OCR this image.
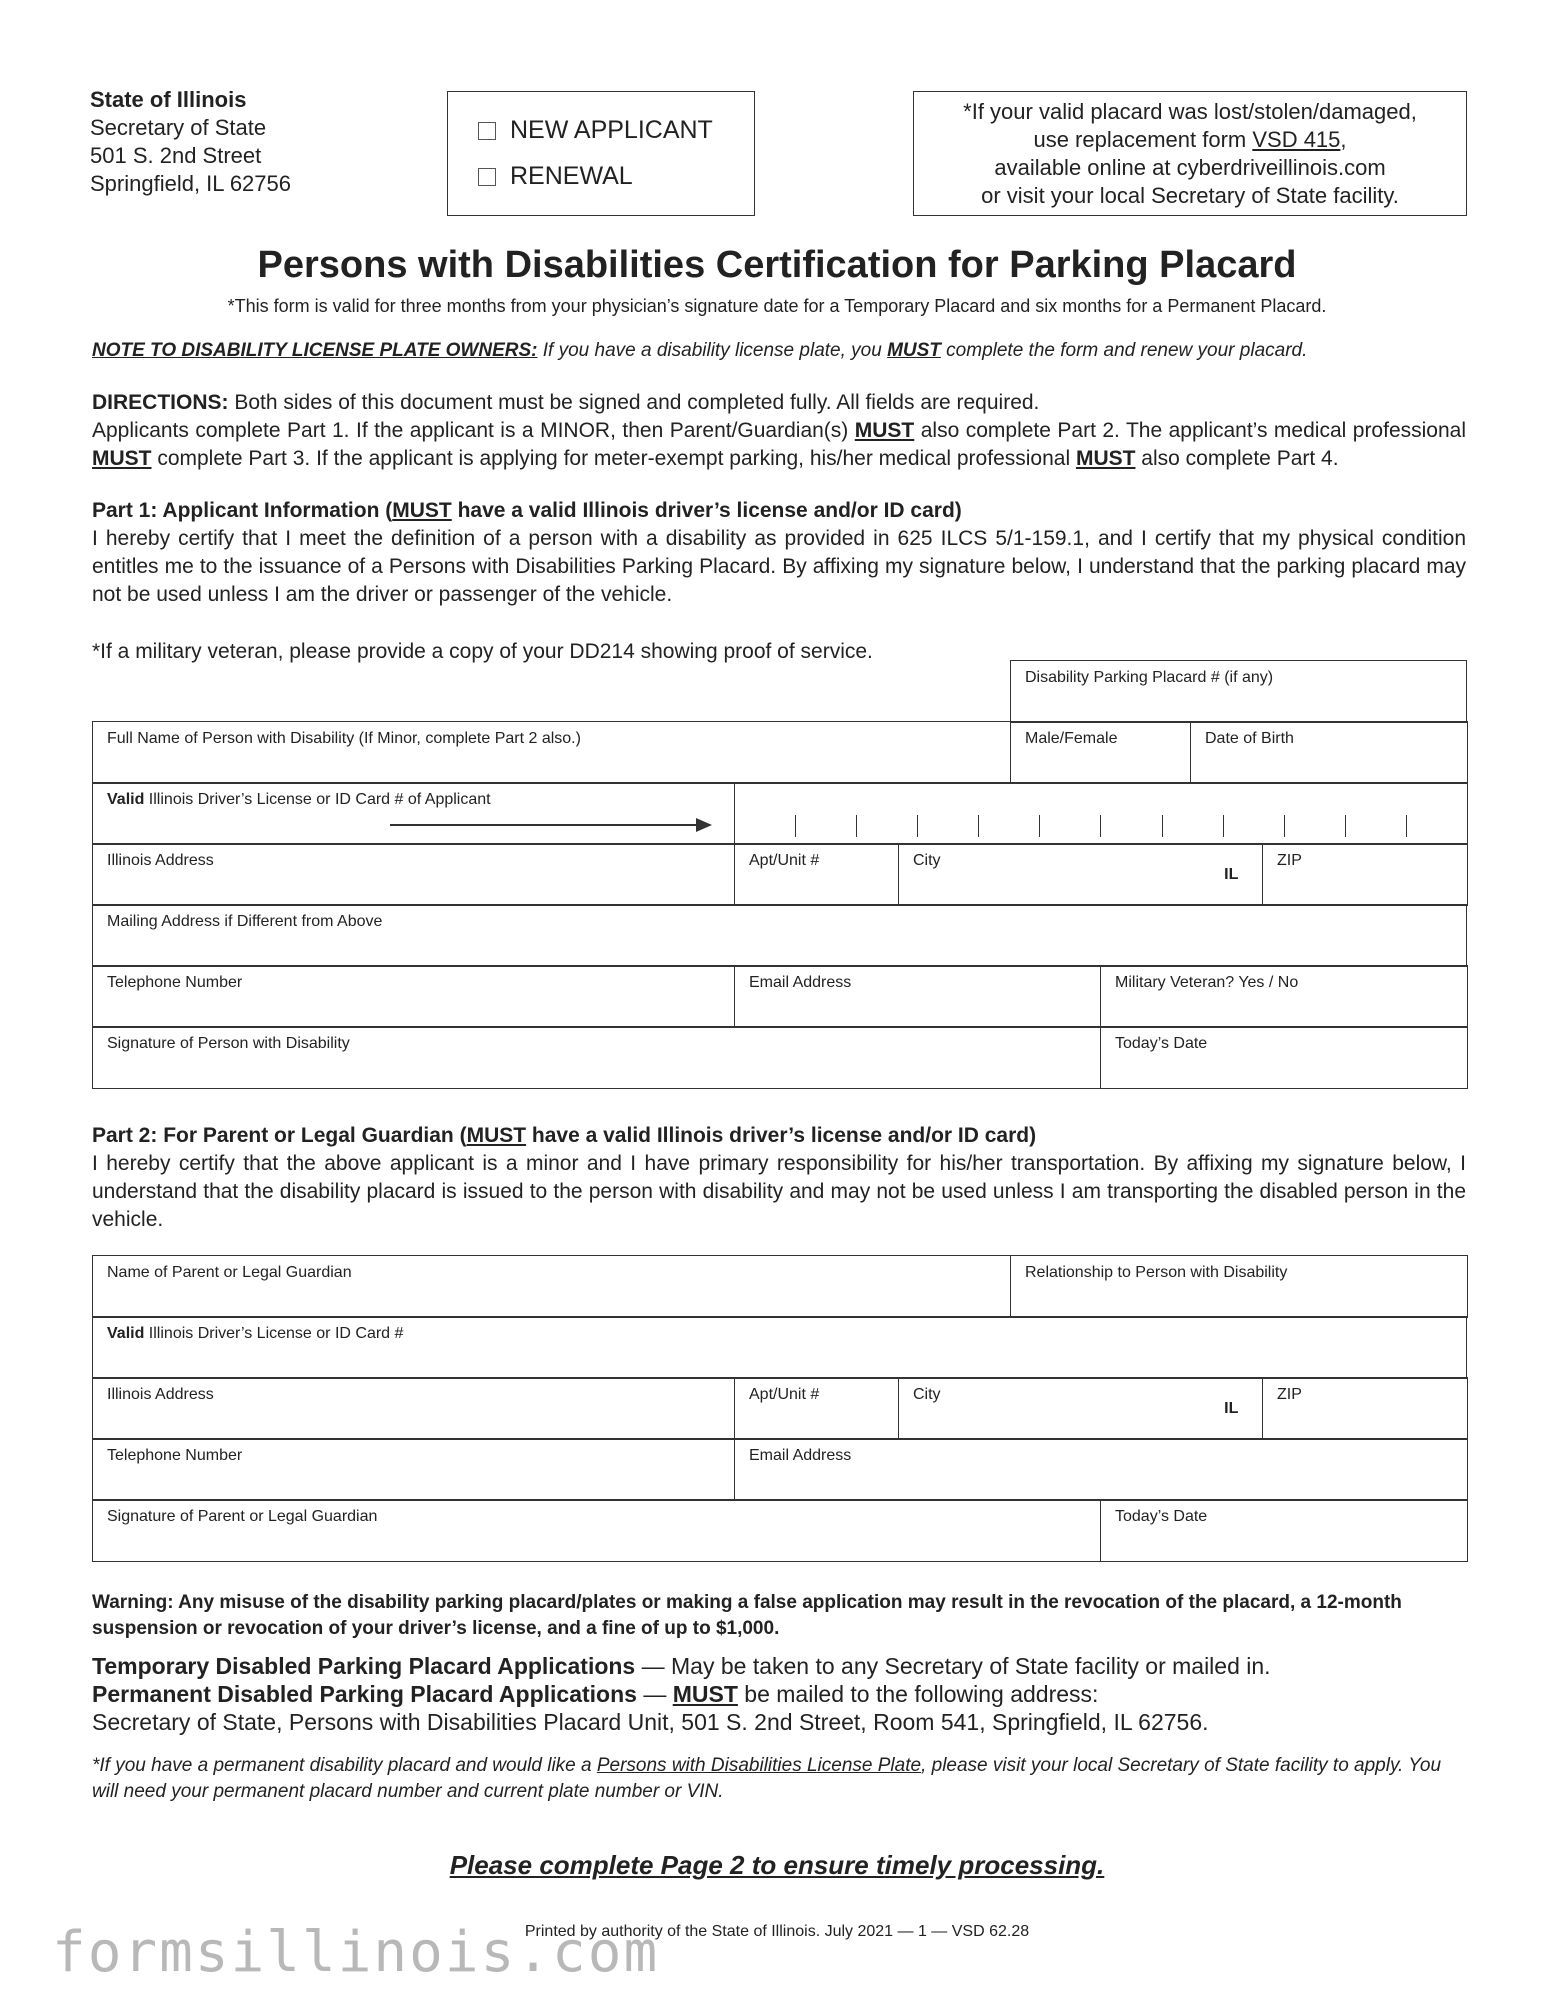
State of Illinois
Secretary of State
501 S. 2nd Street
Springfield, IL 62756
NEW APPLICANT
RENEWAL
*If your valid placard was lost/stolen/damaged,
use replacement form VSD 415,
available online at cyberdriveillinois.com
or visit your local Secretary of State facility.
Persons with Disabilities Certification for Parking Placard
*This form is valid for three months from your physician’s signature date for a Temporary Placard and six months for a Permanent Placard.
NOTE TO DISABILITY LICENSE PLATE OWNERS: If you have a disability license plate, you MUST complete the form and renew your placard.
DIRECTIONS: Both sides of this document must be signed and completed fully. All fields are required.
Applicants complete Part 1. If the applicant is a MINOR, then Parent/Guardian(s) MUST also complete Part 2. The applicant’s medical professional MUST complete Part 3. If the applicant is applying for meter-exempt parking, his/her medical professional MUST also complete Part 4.
Part 1: Applicant Information (MUST have a valid Illinois driver’s license and/or ID card)
I hereby certify that I meet the definition of a person with a disability as provided in 625 ILCS 5/1-159.1, and I certify that my physical condition entitles me to the issuance of a Persons with Disabilities Parking Placard. By affixing my signature below, I understand that the parking placard may not be used unless I am the driver or passenger of the vehicle.
*If a military veteran, please provide a copy of your DD214 showing proof of service.
Disability Parking Placard # (if any)
Full Name of Person with Disability (If Minor, complete Part 2 also.)	Male/Female	Date of Birth
Valid Illinois Driver’s License or ID Card # of Applicant	
Illinois Address	Apt/Unit #	City	IL	ZIP
Mailing Address if Different from Above
Telephone Number	Email Address	Military Veteran? Yes / No
Signature of Person with Disability	Today’s Date
Part 2: For Parent or Legal Guardian (MUST have a valid Illinois driver’s license and/or ID card)
I hereby certify that the above applicant is a minor and I have primary responsibility for his/her transportation. By affixing my signature below, I understand that the disability placard is issued to the person with disability and may not be used unless I am transporting the disabled person in the vehicle.
Name of Parent or Legal Guardian	Relationship to Person with Disability
Valid Illinois Driver’s License or ID Card #
Illinois Address	Apt/Unit #	City	IL	ZIP
Telephone Number	Email Address
Signature of Parent or Legal Guardian	Today’s Date
Warning: Any misuse of the disability parking placard/plates or making a false application may result in the revocation of the placard, a 12-month suspension or revocation of your driver’s license, and a fine of up to $1,000.
Temporary Disabled Parking Placard Applications — May be taken to any Secretary of State facility or mailed in.
Permanent Disabled Parking Placard Applications — MUST be mailed to the following address:
Secretary of State, Persons with Disabilities Placard Unit, 501 S. 2nd Street, Room 541, Springfield, IL 62756.
*If you have a permanent disability placard and would like a Persons with Disabilities License Plate, please visit your local Secretary of State facility to apply. You will need your permanent placard number and current plate number or VIN.
Please complete Page 2 to ensure timely processing.
Printed by authority of the State of Illinois. July 2021 — 1 — VSD 62.28
formsillinois.com
